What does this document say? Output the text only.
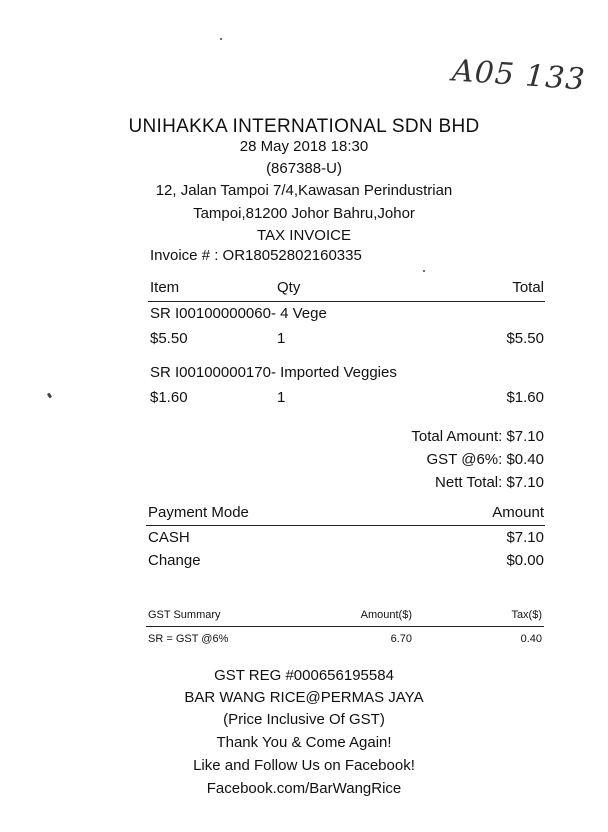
A05 133
UNIHAKKA INTERNATIONAL SDN BHD
28 May 2018 18:30
(867388-U)
12, Jalan Tampoi 7/4,Kawasan Perindustrian
Tampoi,81200 Johor Bahru,Johor
TAX INVOICE
Invoice # : OR18052802160335
Item	Qty	Total
SR I00100000060- 4 Vege
$5.50	1	$5.50
SR I00100000170- Imported Veggies
$1.60	1	$1.60
Total Amount: $7.10
GST @6%: $0.40
Nett Total: $7.10
Payment Mode	Amount
CASH	$7.10
Change	$0.00
GST Summary	Amount($)	Tax($)
SR = GST @6%	6.70	0.40
GST REG #000656195584
BAR WANG RICE@PERMAS JAYA
(Price Inclusive Of GST)
Thank You & Come Again!
Like and Follow Us on Facebook!
Facebook.com/BarWangRice
